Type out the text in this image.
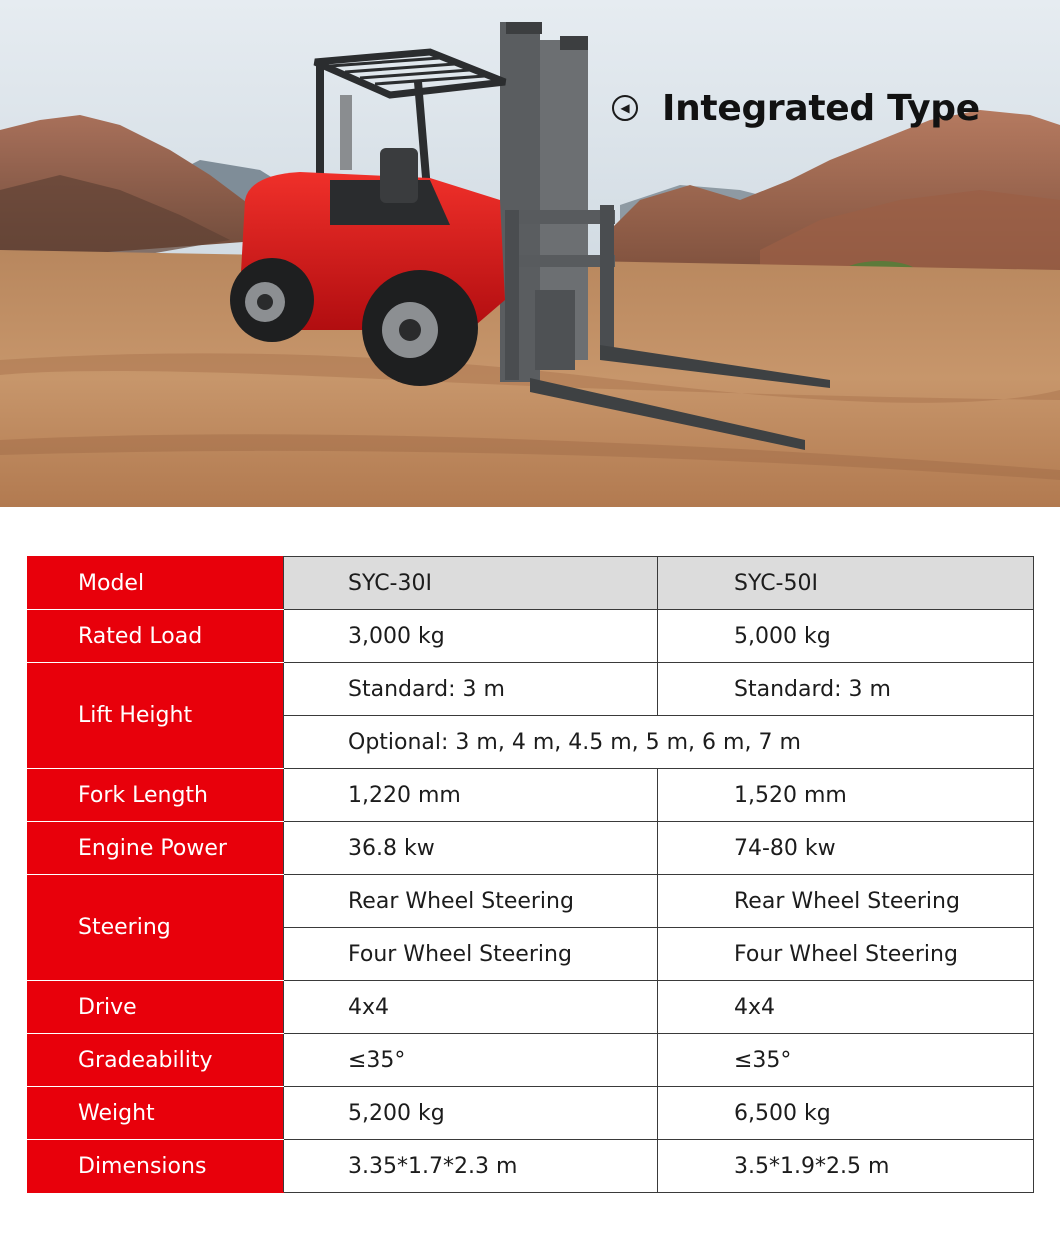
◀ Integrated Type
Model	SYC-30I	SYC-50I
Rated Load	3,000 kg	5,000 kg
Lift Height	Standard: 3 m	Standard: 3 m
	Optional: 3 m, 4 m, 4.5 m, 5 m, 6 m, 7 m	
Fork Length	1,220 mm	1,520 mm
Engine Power	36.8 kw	74-80 kw
Steering	Rear Wheel Steering	Rear Wheel Steering
	Four Wheel Steering	Four Wheel Steering
Drive	4x4	4x4
Gradeability	≤35°	≤35°
Weight	5,200 kg	6,500 kg
Dimensions	3.35*1.7*2.3 m	3.5*1.9*2.5 m
